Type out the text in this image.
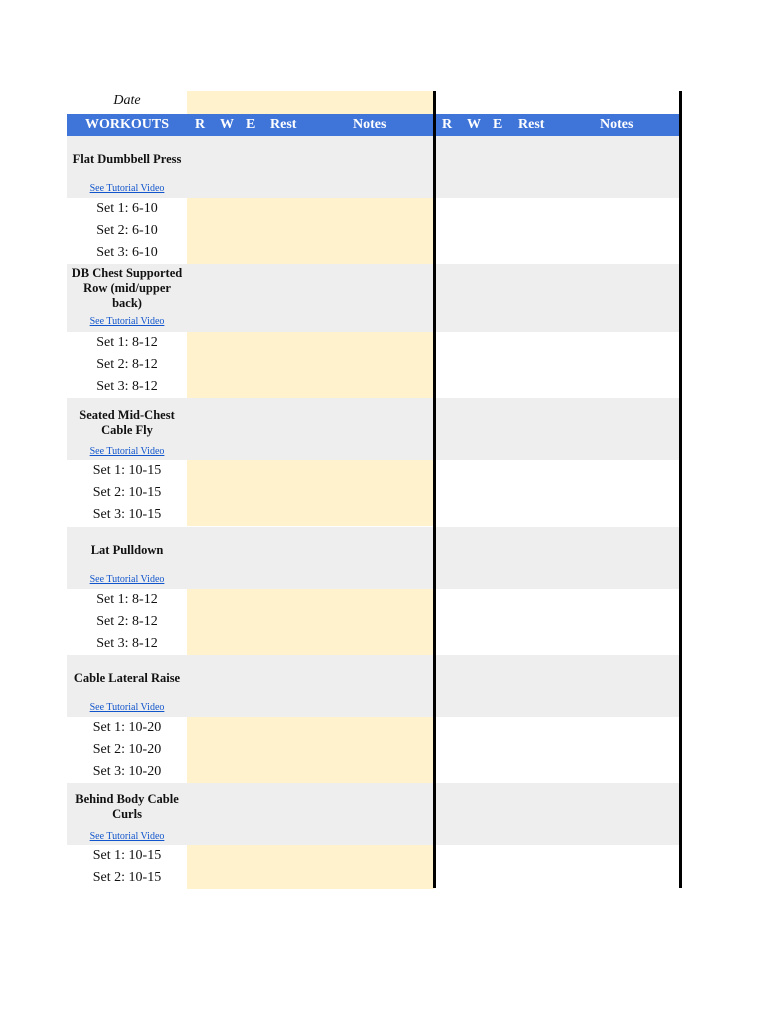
Date
WORKOUTS	R W E Rest	Notes	R W E Rest	Notes
Flat Dumbbell Press
See Tutorial Video
Set 1: 6-10
Set 2: 6-10
Set 3: 6-10
DB Chest Supported Row (mid/upper back)
See Tutorial Video
Set 1: 8-12
Set 2: 8-12
Set 3: 8-12
Seated Mid-Chest Cable Fly
See Tutorial Video
Set 1: 10-15
Set 2: 10-15
Set 3: 10-15
Lat Pulldown
See Tutorial Video
Set 1: 8-12
Set 2: 8-12
Set 3: 8-12
Cable Lateral Raise
See Tutorial Video
Set 1: 10-20
Set 2: 10-20
Set 3: 10-20
Behind Body Cable Curls
See Tutorial Video
Set 1: 10-15
Set 2: 10-15
